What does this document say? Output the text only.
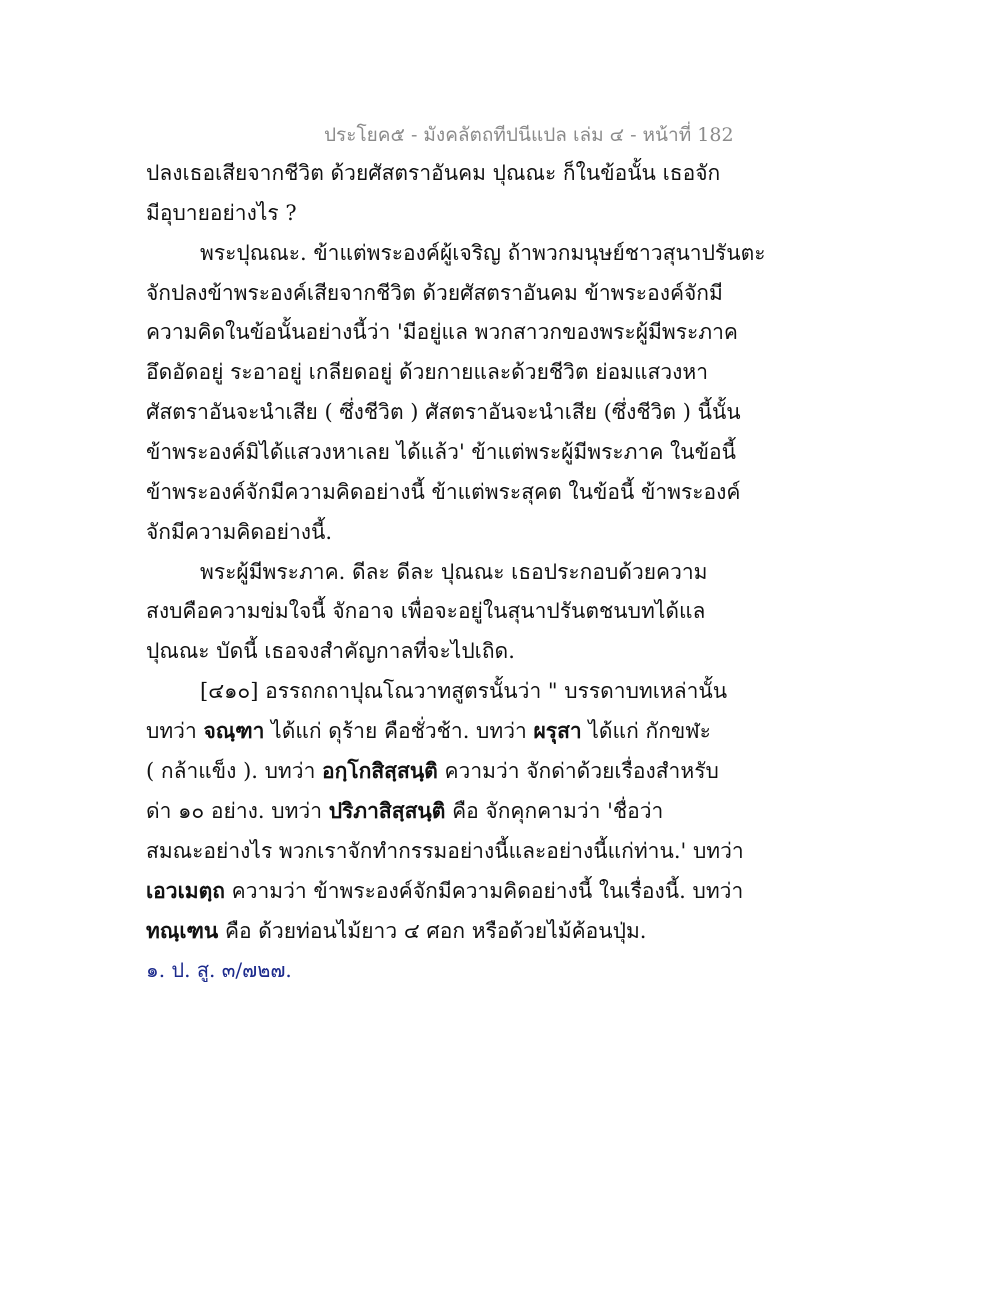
ประโยค๕ - มังคลัตถทีปนีแปล เล่ม ๔ - หน้าที่ 182
ปลงเธอเสียจากชีวิต ด้วยศัสตราอันคม ปุณณะ ก็ในข้อนั้น เธอจัก
มีอุบายอย่างไร ?
พระปุณณะ. ข้าแต่พระองค์ผู้เจริญ ถ้าพวกมนุษย์ชาวสุนาปรันตะ
จักปลงข้าพระองค์เสียจากชีวิต ด้วยศัสตราอันคม ข้าพระองค์จักมี
ความคิดในข้อนั้นอย่างนี้ว่า 'มีอยู่แล พวกสาวกของพระผู้มีพระภาค
อึดอัดอยู่ ระอาอยู่ เกลียดอยู่ ด้วยกายและด้วยชีวิต ย่อมแสวงหา
ศัสตราอันจะนำเสีย ( ซึ่งชีวิต ) ศัสตราอันจะนำเสีย (ซึ่งชีวิต ) นี้นั้น
ข้าพระองค์มิได้แสวงหาเลย ได้แล้ว' ข้าแต่พระผู้มีพระภาค ในข้อนี้
ข้าพระองค์จักมีความคิดอย่างนี้ ข้าแต่พระสุคต ในข้อนี้ ข้าพระองค์
จักมีความคิดอย่างนี้.
พระผู้มีพระภาค. ดีละ ดีละ ปุณณะ เธอประกอบด้วยความ
สงบคือความข่มใจนี้ จักอาจ เพื่อจะอยู่ในสุนาปรันตชนบทได้แล
ปุณณะ บัดนี้ เธอจงสำคัญกาลที่จะไปเถิด.
[๔๑๐] อรรถกถาปุณโณวาทสูตรนั้นว่า " บรรดาบทเหล่านั้น
บทว่า จณฺฑา ได้แก่ ดุร้าย คือชั่วช้า. บทว่า ผรุสา ได้แก่ กักขฬะ
( กล้าแข็ง ). บทว่า อกฺโกสิสฺสนฺติ ความว่า จักด่าด้วยเรื่องสำหรับ
ด่า ๑๐ อย่าง. บทว่า ปริภาสิสฺสนฺติ คือ จักคุกคามว่า 'ชื่อว่า
สมณะอย่างไร พวกเราจักทำกรรมอย่างนี้และอย่างนี้แก่ท่าน.' บทว่า
เอวเมตฺถ ความว่า ข้าพระองค์จักมีความคิดอย่างนี้ ในเรื่องนี้. บทว่า
ทณฺเฑน คือ ด้วยท่อนไม้ยาว ๔ ศอก หรือด้วยไม้ค้อนปุ่ม.
๑. ป. สู. ๓/๗๒๗.
